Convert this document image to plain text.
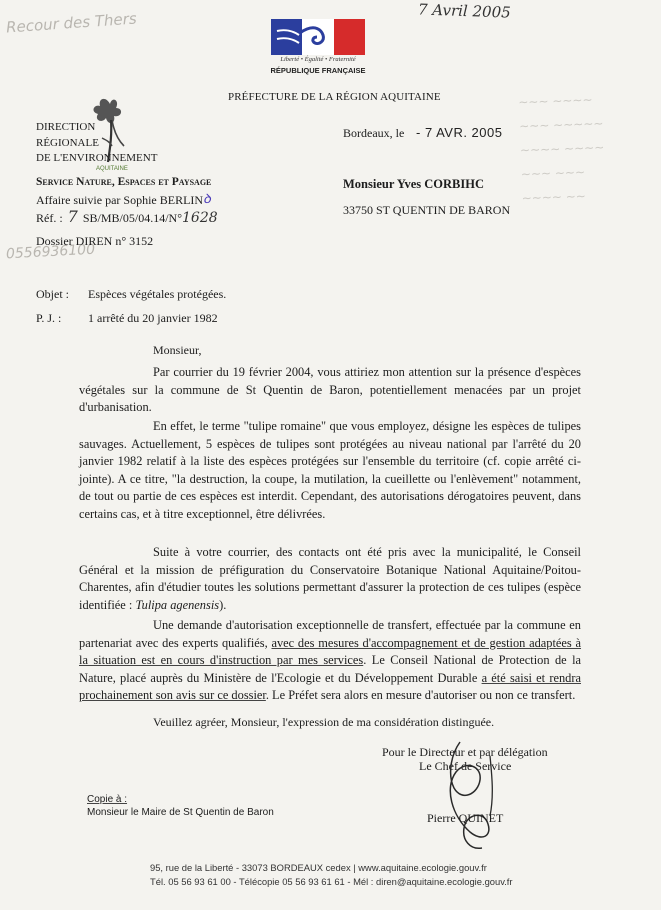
Recour des Thers	7 Avril 2005
0556936100
Liberté • Égalité • Fraternité
RÉPUBLIQUE FRANÇAISE
PRÉFECTURE DE LA RÉGION AQUITAINE
DIRECTION
RÉGIONALE
DE L'ENVIRONNEMENT
AQUITAINE
Service Nature, Espaces et Paysage
Affaire suivie par Sophie BERLIN ꝺ
Réf. : 7 SB/MB/05/04.14/N°1628
Dossier DIREN n° 3152
Bordeaux, le - 7 AVR. 2005
Monsieur Yves CORBIHC
33750 ST QUENTIN DE BARON
~~~ ~~~~
~~~ ~~~~~
~~~~ ~~~~
~~~ ~~~
~~~~ ~~
Objet : Espèces végétales protégées.
P. J. : 1 arrêté du 20 janvier 1982
Monsieur,
Par courrier du 19 février 2004, vous attiriez mon attention sur la présence d'espèces végétales sur la commune de St Quentin de Baron, potentiellement menacées par un projet d'urbanisation.
En effet, le terme "tulipe romaine" que vous employez, désigne les espèces de tulipes sauvages. Actuellement, 5 espèces de tulipes sont protégées au niveau national par l'arrêté du 20 janvier 1982 relatif à la liste des espèces protégées sur l'ensemble du territoire (cf. copie arrêté ci-jointe). A ce titre, "la destruction, la coupe, la mutilation, la cueillette ou l'enlèvement" notamment, de tout ou partie de ces espèces est interdit. Cependant, des autorisations dérogatoires peuvent, dans certains cas, et à titre exceptionnel, être délivrées.
Suite à votre courrier, des contacts ont été pris avec la municipalité, le Conseil Général et la mission de préfiguration du Conservatoire Botanique National Aquitaine/Poitou-Charentes, afin d'étudier toutes les solutions permettant d'assurer la protection de ces tulipes (espèce identifiée : Tulipa agenensis).
Une demande d'autorisation exceptionnelle de transfert, effectuée par la commune en partenariat avec des experts qualifiés, avec des mesures d'accompagnement et de gestion adaptées à la situation est en cours d'instruction par mes services. Le Conseil National de Protection de la Nature, placé auprès du Ministère de l'Ecologie et du Développement Durable a été saisi et rendra prochainement son avis sur ce dossier. Le Préfet sera alors en mesure d'autoriser ou non ce transfert.
Veuillez agréer, Monsieur, l'expression de ma considération distinguée.
Pour le Directeur et par délégation
Le Chef de Service
Pierre QUINET
Copie à :
Monsieur le Maire de St Quentin de Baron
95, rue de la Liberté - 33073 BORDEAUX cedex | www.aquitaine.ecologie.gouv.fr
Tél. 05 56 93 61 00 - Télécopie 05 56 93 61 61 - Mél : diren@aquitaine.ecologie.gouv.fr
